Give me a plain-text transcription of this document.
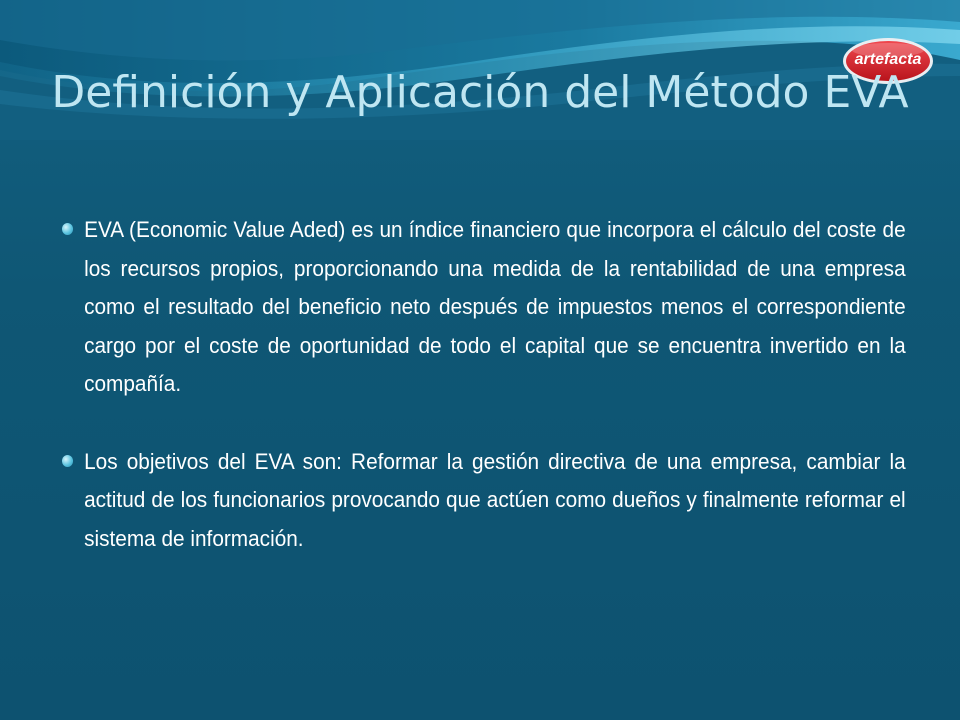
artefacta
Definición y Aplicación del Método EVA

EVA (Economic Value Aded) es un índice financiero que incorpora el cálculo del coste de los recursos propios, proporcionando una medida de la rentabilidad de una empresa como el resultado del beneficio neto después de impuestos menos el correspondiente cargo por el coste de oportunidad de todo el capital que se encuentra invertido en la compañía.

Los objetivos del EVA son: Reformar la gestión directiva de una empresa, cambiar la actitud de los funcionarios provocando que actúen como dueños y finalmente reformar el sistema de información.
